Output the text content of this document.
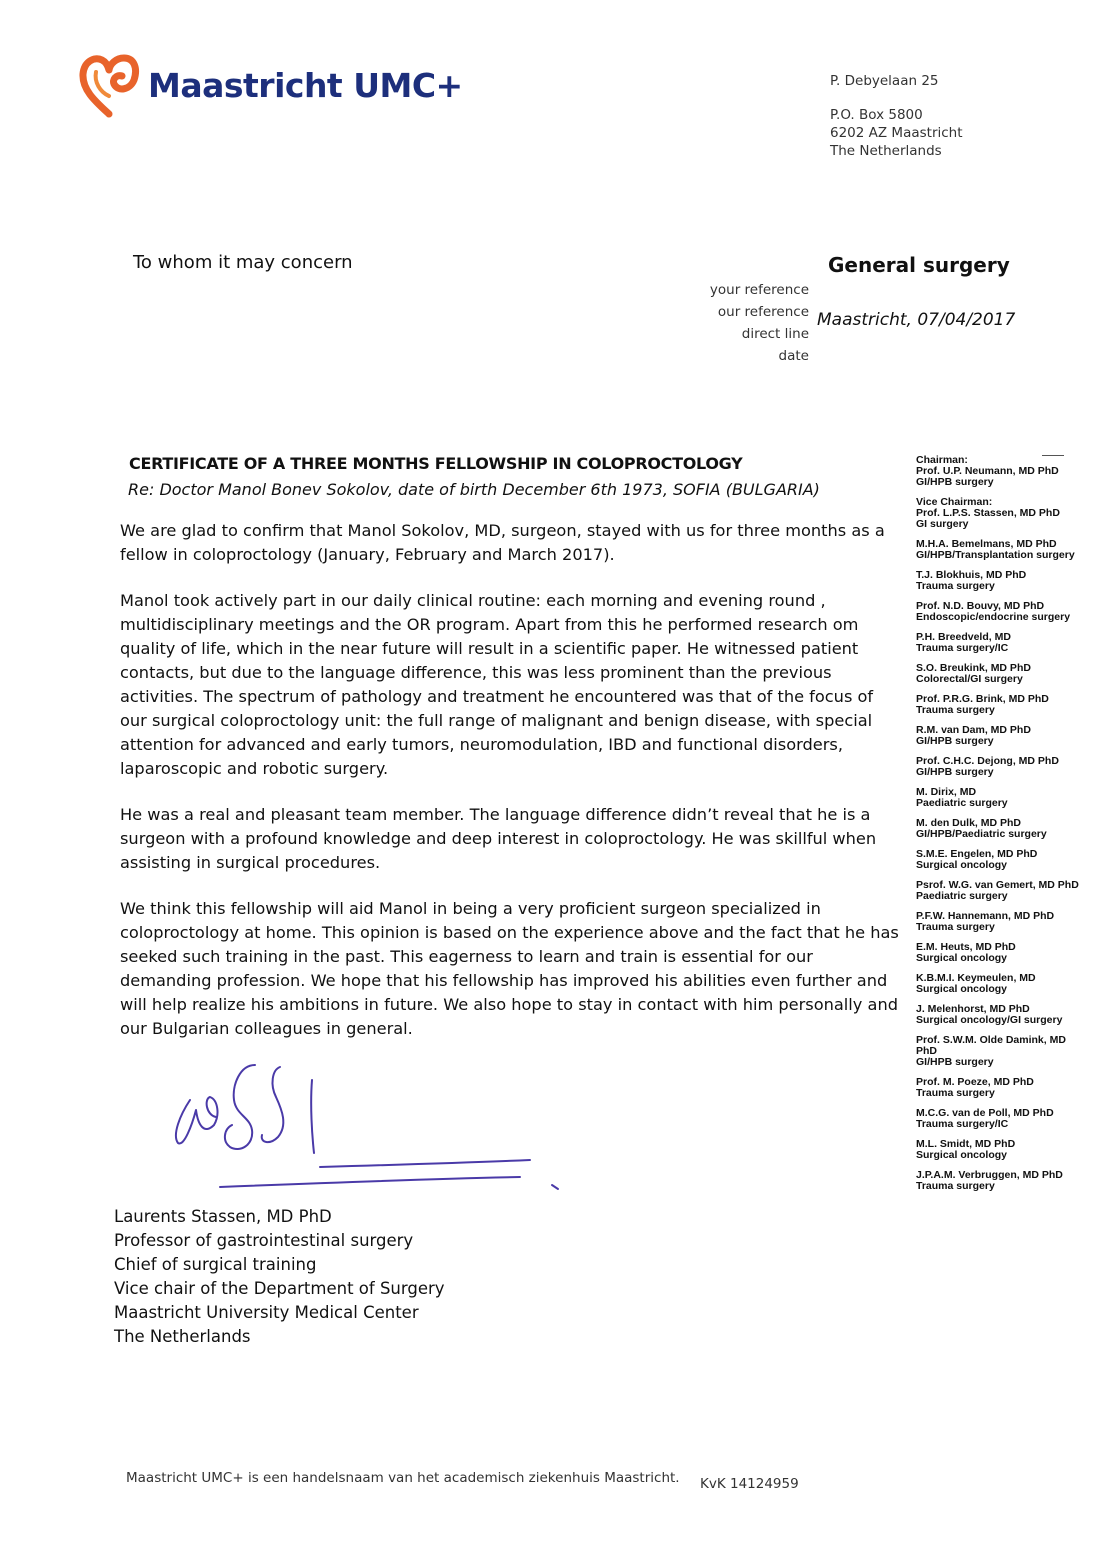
Maastricht UMC+	P. Debyelaan 25
P.O. Box 5800
6202 AZ Maastricht
The Netherlands
To whom it may concern	General surgery
your reference
our reference
direct line
date
Maastricht, 07/04/2017
CERTIFICATE OF A THREE MONTHS FELLOWSHIP IN COLOPROCTOLOGY
Re: Doctor Manol Bonev Sokolov, date of birth December 6th 1973, SOFIA (BULGARIA)

We are glad to confirm that Manol Sokolov, MD, surgeon, stayed with us for three months as a fellow in coloproctology (January, February and March 2017).

Manol took actively part in our daily clinical routine: each morning and evening round , multidisciplinary meetings and the OR program. Apart from this he performed research om quality of life, which in the near future will result in a scientific paper. He witnessed patient contacts, but due to the language difference, this was less prominent than the previous activities. The spectrum of pathology and treatment he encountered was that of the focus of our surgical coloproctology unit: the full range of malignant and benign disease, with special attention for advanced and early tumors, neuromodulation, IBD and functional disorders, laparoscopic and robotic surgery.

He was a real and pleasant team member. The language difference didn’t reveal that he is a surgeon with a profound knowledge and deep interest in coloproctology. He was skillful when assisting in surgical procedures.

We think this fellowship will aid Manol in being a very proficient surgeon specialized in coloproctology at home. This opinion is based on the experience above and the fact that he has seeked such training in the past. This eagerness to learn and train is essential for our demanding profession. We hope that his fellowship has improved his abilities even further and will help realize his ambitions in future. We also hope to stay in contact with him personally and our Bulgarian colleagues in general.

Chairman:
Prof. U.P. Neumann, MD PhD
GI/HPB surgery
Vice Chairman:
Prof. L.P.S. Stassen, MD PhD
GI surgery
M.H.A. Bemelmans, MD PhD
GI/HPB/Transplantation surgery
T.J. Blokhuis, MD PhD
Trauma surgery
Prof. N.D. Bouvy, MD PhD
Endoscopic/endocrine surgery
P.H. Breedveld, MD
Trauma surgery/IC
S.O. Breukink, MD PhD
Colorectal/GI surgery
Prof. P.R.G. Brink, MD PhD
Trauma surgery
R.M. van Dam, MD PhD
GI/HPB surgery
Prof. C.H.C. Dejong, MD PhD
GI/HPB surgery
M. Dirix, MD
Paediatric surgery
M. den Dulk, MD PhD
GI/HPB/Paediatric surgery
S.M.E. Engelen, MD PhD
Surgical oncology
Psrof. W.G. van Gemert, MD PhD
Paediatric surgery
P.F.W. Hannemann, MD PhD
Trauma surgery
E.M. Heuts, MD PhD
Surgical oncology
K.B.M.I. Keymeulen, MD
Surgical oncology
J. Melenhorst, MD PhD
Surgical oncology/GI surgery
Prof. S.W.M. Olde Damink, MD PhD
GI/HPB surgery
Prof. M. Poeze, MD PhD
Trauma surgery
M.C.G. van de Poll, MD PhD
Trauma surgery/IC
M.L. Smidt, MD PhD
Surgical oncology
J.P.A.M. Verbruggen, MD PhD
Trauma surgery
Laurents Stassen, MD PhD
Professor of gastrointestinal surgery
Chief of surgical training
Vice chair of the Department of Surgery
Maastricht University Medical Center
The Netherlands
Maastricht UMC+ is een handelsnaam van het academisch ziekenhuis Maastricht. KvK 14124959
